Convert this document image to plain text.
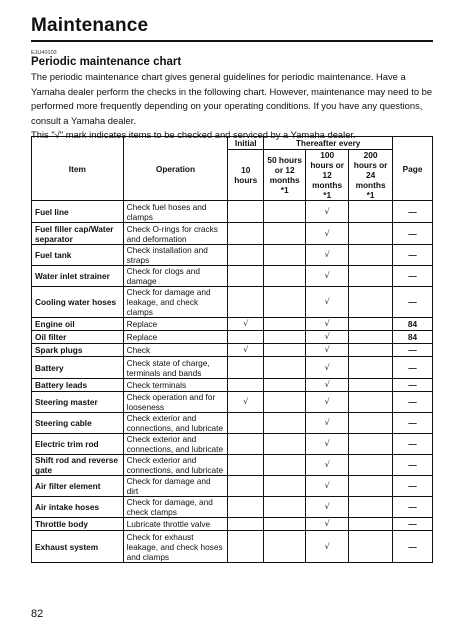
Maintenance
EJU40103
Periodic maintenance chart

The periodic maintenance chart gives general guidelines for periodic maintenance. Have a Yamaha dealer perform the checks in the following chart. However, maintenance may need to be performed more frequently depending on your operating conditions. If you have any questions, consult a Yamaha dealer.

This "√" mark indicates items to be checked and serviced by a Yamaha dealer.

Item	Operation	Initial	Thereafter every			Page
		10 hours	50 hours or 12 months *1	100 hours or 12 months *1	200 hours or 24 months *1	
Fuel line	Check fuel hoses and clamps			√		—
Fuel filler cap/Water separator	Check O-rings for cracks and deformation			√		—
Fuel tank	Check installation and straps			√		—
Water inlet strainer	Check for clogs and damage			√		—
Cooling water hoses	Check for damage and leakage, and check clamps			√		—
Engine oil	Replace	√		√		84
Oil filter	Replace			√		84
Spark plugs	Check	√		√		—
Battery	Check state of charge, terminals and bands			√		—
Battery leads	Check terminals			√		—
Steering master	Check operation and for looseness	√		√		—
Steering cable	Check exterior and connections, and lubricate			√		—
Electric trim rod	Check exterior and connections, and lubricate			√		—
Shift rod and reverse gate	Check exterior and connections, and lubricate			√		—
Air filter element	Check for damage and dirt			√		—
Air intake hoses	Check for damage, and check clamps			√		—
Throttle body	Lubricate throttle valve			√		—
Exhaust system	Check for exhaust leakage, and check hoses and clamps			√		—
82
